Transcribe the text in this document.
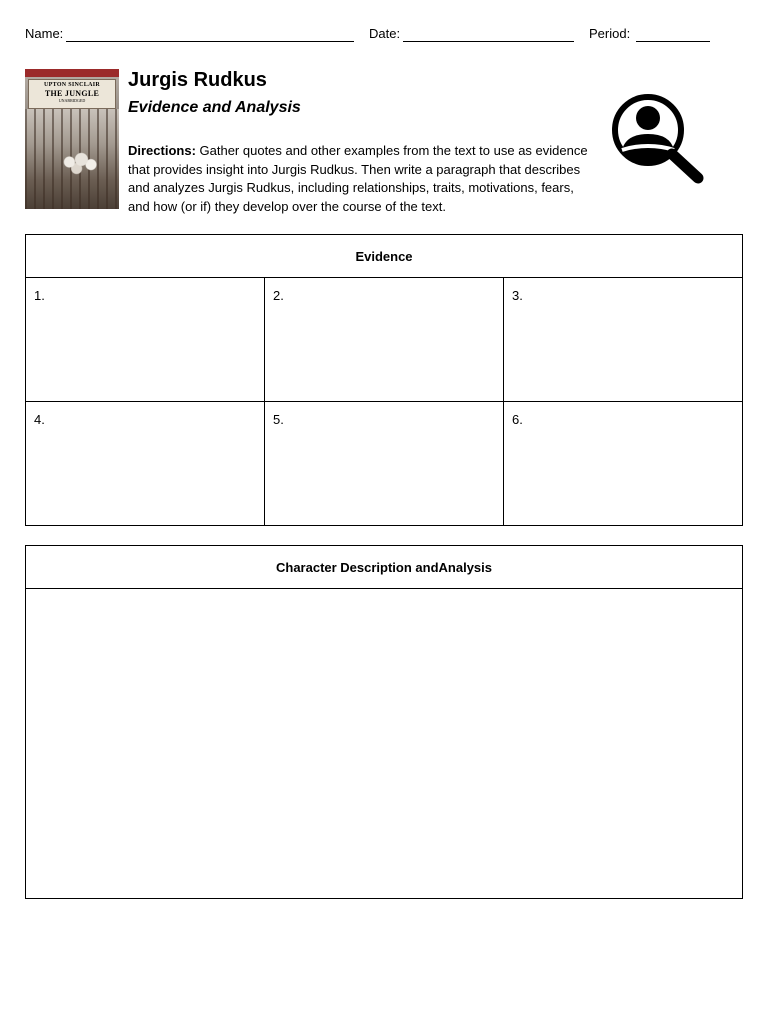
Name:	Date:	Period:
UPTON SINCLAIR
THE JUNGLE
UNABRIDGED
Jurgis Rudkus
Evidence and Analysis
Directions: Gather quotes and other examples from the text to use as evidence that provides insight into Jurgis Rudkus. Then write a paragraph that describes and analyzes Jurgis Rudkus, including relationships, traits, motivations, fears, and how (or if) they develop over the course of the text.
Evidence		

1.	2.	3.

4.	5.	6.
Character Description andAnalysis
